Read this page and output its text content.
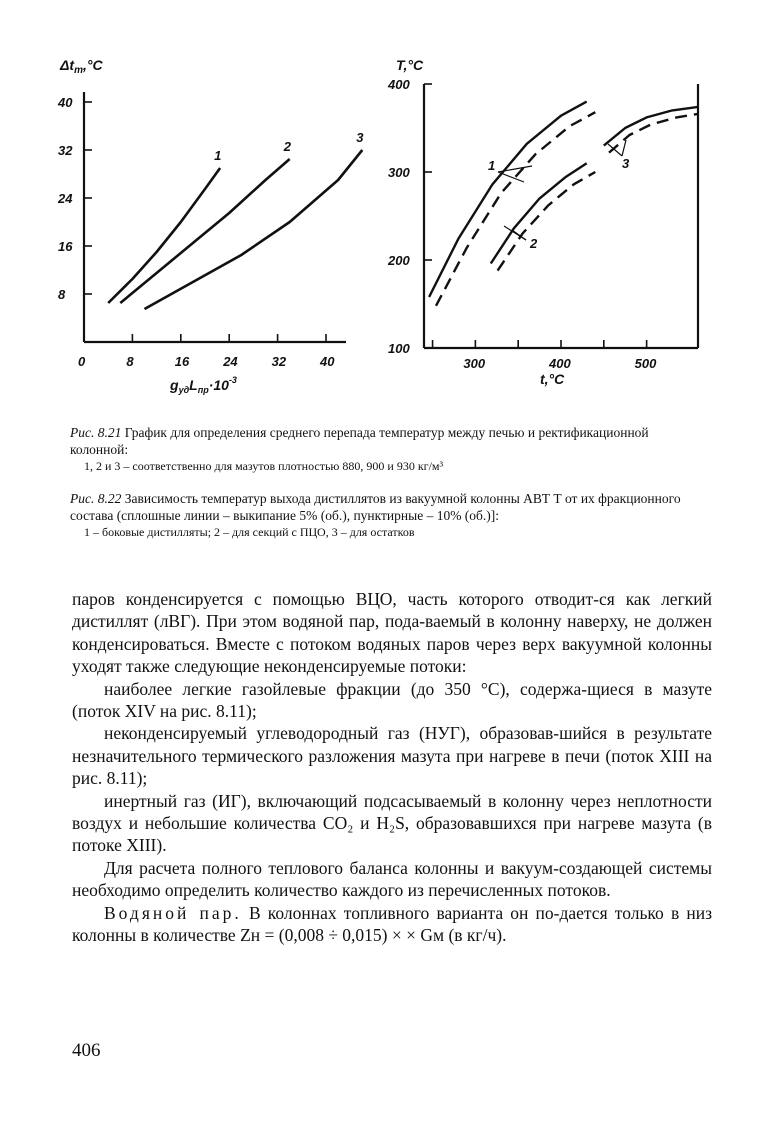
$\Delta t_т,^\circ C$
40
32
24
16
8
0	8	16	24	32	40
$g_{уд}L_{пр}\cdot 10^{-3}$
1
2
3
T,°C
400
300
200
100
300	400	500
t,°C
1
2
3
Рис. 8.21 График для определения среднего перепада температур между печью и ректификационной колонной:
1, 2 и 3 – соответственно для мазутов плотностью 880, 900 и 930 кг/м³
Рис. 8.22 Зависимость температур выхода дистиллятов из вакуумной колонны АВТ Т от их фракционного состава (сплошные линии – выкипание 5% (об.), пунктирные – 10% (об.)]:
1 – боковые дистилляты; 2 – для секций с ПЦО, 3 – для остатков

паров конденсируется с помощью ВЦО, часть которого отводит-ся как легкий дистиллят (лВГ). При этом водяной пар, пода-ваемый в колонну наверху, не должен конденсироваться. Вместе с потоком водяных паров через верх вакуумной колонны уходят также следующие неконденсируемые потоки:

наиболее легкие газойлевые фракции (до 350 °С), содержа-щиеся в мазуте (поток XIV на рис. 8.11);

неконденсируемый углеводородный газ (НУГ), образовав-шийся в результате незначительного термического разложения мазута при нагреве в печи (поток XIII на рис. 8.11);

инертный газ (ИГ), включающий подсасываемый в колонну через неплотности воздух и небольшие количества СО₂ и Н₂S, образовавшихся при нагреве мазута (в потоке XIII).

Для расчета полного теплового баланса колонны и вакуум-создающей системы необходимо определить количество каждого из перечисленных потоков.

Водяной пар. В колоннах топливного варианта он по-дается только в низ колонны в количестве Zн = (0,008 ÷ 0,015) × × Gм (в кг/ч).

406
